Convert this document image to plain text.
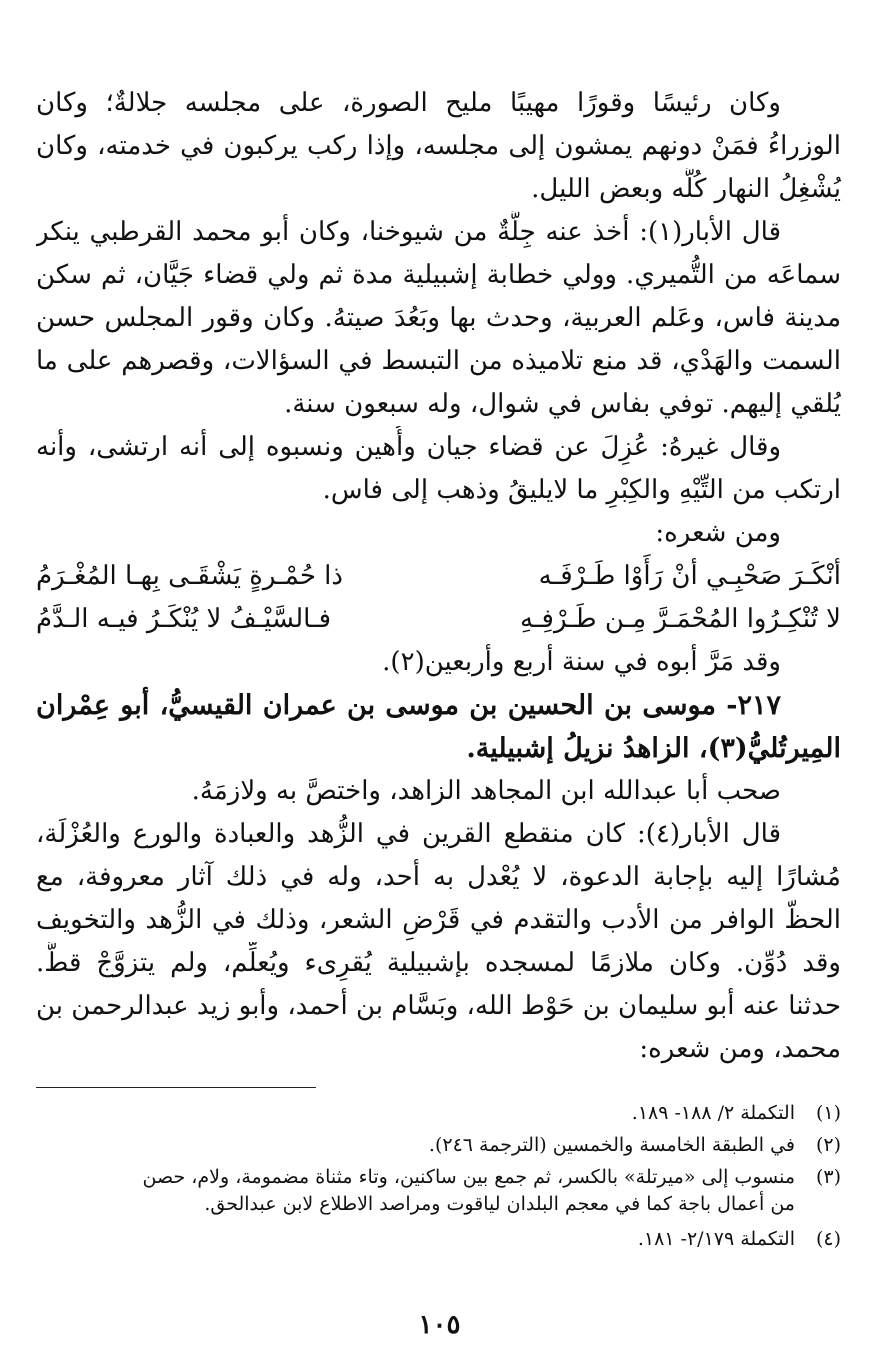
وكان رئيسًا وقورًا مهيبًا مليح الصورة، على مجلسه جلالةٌ؛ وكان
الوزراءُ فمَنْ دونهم يمشون إلى مجلسه، وإذا ركب يركبون في خدمته، وكان
يُشْغِلُ النهار كُلَّه وبعض الليل.
قال الأبار(١): أخذ عنه جِلَّةٌ من شيوخنا، وكان أبو محمد القرطبي ينكر
سماعَه من التُّميري. وولي خطابة إشبيلية مدة ثم ولي قضاء جَيَّان، ثم سكن
مدينة فاس، وعَلم العربية، وحدث بها وبَعُدَ صيتهُ. وكان وقور المجلس حسن
السمت والهَدْي، قد منع تلاميذه من التبسط في السؤالات، وقصرهم على ما
يُلقي إليهم. توفي بفاس في شوال، وله سبعون سنة.
وقال غيرهُ: عُزِلَ عن قضاء جيان وأُهين ونسبوه إلى أنه ارتشى، وأنه
ارتكب من التِّيْهِ والكِبْرِ ما لايليقُ وذهب إلى فاس.
ومن شعره:
أنْكَـرَ صَحْبِـي أنْ رَأَوْا طَـرْفَـه
ذا حُمْـرةٍ يَشْقَـى بِهـا المُغْـرَمُ
لا تُنْكِـرُوا المُحْمَـرَّ مِـن طَـرْفِـهِ
فـالسَّيْـفُ لا يُنْكَـرُ فيـه الـدَّمُ
وقد مَرَّ أبوه في سنة أربع وأربعين(٢).
٢١٧- موسى بن الحسين بن موسى بن عمران القيسيُّ، أبو عِمْران
المِيرتُليُّ(٣)، الزاهدُ نزيلُ إشبيلية.
صحب أبا عبدالله ابن المجاهد الزاهد، واختصَّ به ولازمَهُ.
قال الأبار(٤): كان منقطع القرين في الزُّهد والعبادة والورع والعُزْلَة،
مُشارًا إليه بإجابة الدعوة، لا يُعْدل به أحد، وله في ذلك آثار معروفة، مع
الحظّ الوافر من الأدب والتقدم في قَرْضِ الشعر، وذلك في الزُّهد والتخويف
وقد دُوِّن. وكان ملازمًا لمسجده بإشبيلية يُقرِىء ويُعلِّم، ولم يتزوَّجْ قطُّ.
حدثنا عنه أبو سليمان بن حَوْط الله، وبَسَّام بن أحمد، وأبو زيد عبدالرحمن بن
محمد، ومن شعره:
(١)
التكملة ٢/ ١٨٨- ١٨٩.
(٢)
في الطبقة الخامسة والخمسين (الترجمة ٢٤٦).
(٣)
منسوب إلى «ميرتلة» بالكسر، ثم جمع بين ساكنين، وتاء مثناة مضمومة، ولام، حصن
من أعمال باجة كما في معجم البلدان لياقوت ومراصد الاطلاع لابن عبدالحق.
(٤)
التكملة ٢/١٧٩- ١٨١.
١٠٥
